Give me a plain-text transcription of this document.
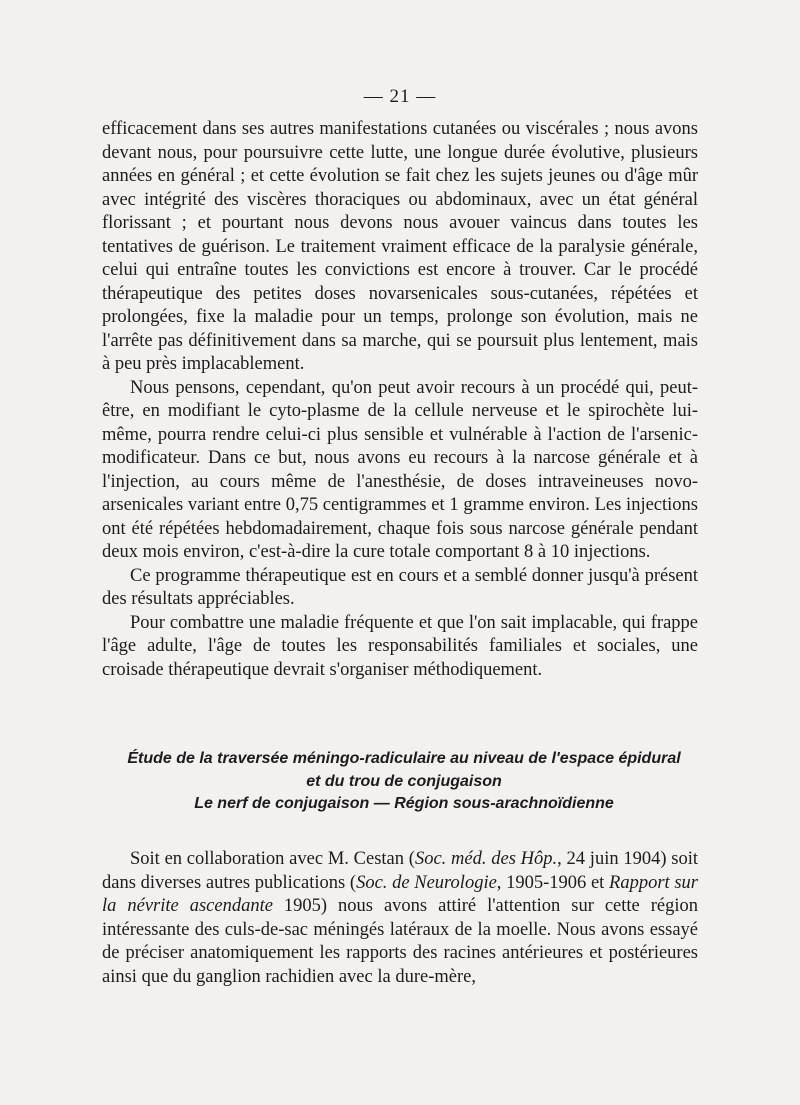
— 21 —

efficacement dans ses autres manifestations cutanées ou viscérales ; nous avons devant nous, pour poursuivre cette lutte, une longue durée évolutive, plusieurs années en général ; et cette évolution se fait chez les sujets jeunes ou d'âge mûr avec intégrité des viscères thoraciques ou abdominaux, avec un état général florissant ; et pourtant nous devons nous avouer vaincus dans toutes les tentatives de guérison. Le traitement vraiment efficace de la paralysie générale, celui qui entraîne toutes les convictions est encore à trouver. Car le procédé thérapeutique des petites doses novarsenicales sous-cutanées, répétées et prolongées, fixe la maladie pour un temps, prolonge son évolution, mais ne l'arrête pas définitivement dans sa marche, qui se poursuit plus lentement, mais à peu près implacablement.

Nous pensons, cependant, qu'on peut avoir recours à un procédé qui, peut-être, en modifiant le cyto-plasme de la cellule nerveuse et le spirochète lui-même, pourra rendre celui-ci plus sensible et vulnérable à l'action de l'arsenic-modificateur. Dans ce but, nous avons eu recours à la narcose générale et à l'injection, au cours même de l'anesthésie, de doses intraveineuses novo-arsenicales variant entre 0,75 centigrammes et 1 gramme environ. Les injections ont été répétées hebdomadairement, chaque fois sous narcose générale pendant deux mois environ, c'est-à-dire la cure totale comportant 8 à 10 injections.

Ce programme thérapeutique est en cours et a semblé donner jusqu'à présent des résultats appréciables.

Pour combattre une maladie fréquente et que l'on sait implacable, qui frappe l'âge adulte, l'âge de toutes les responsabilités familiales et sociales, une croisade thérapeutique devrait s'organiser méthodiquement.

Étude de la traversée méningo-radiculaire au niveau de l'espace épidural
et du trou de conjugaison
Le nerf de conjugaison — Région sous-arachnoïdienne

Soit en collaboration avec M. Cestan (Soc. méd. des Hôp., 24 juin 1904) soit dans diverses autres publications (Soc. de Neurologie, 1905-1906 et Rapport sur la névrite ascendante 1905) nous avons attiré l'attention sur cette région intéressante des culs-de-sac méningés latéraux de la moelle. Nous avons essayé de préciser anatomiquement les rapports des racines antérieures et postérieures ainsi que du ganglion rachidien avec la dure-mère,
